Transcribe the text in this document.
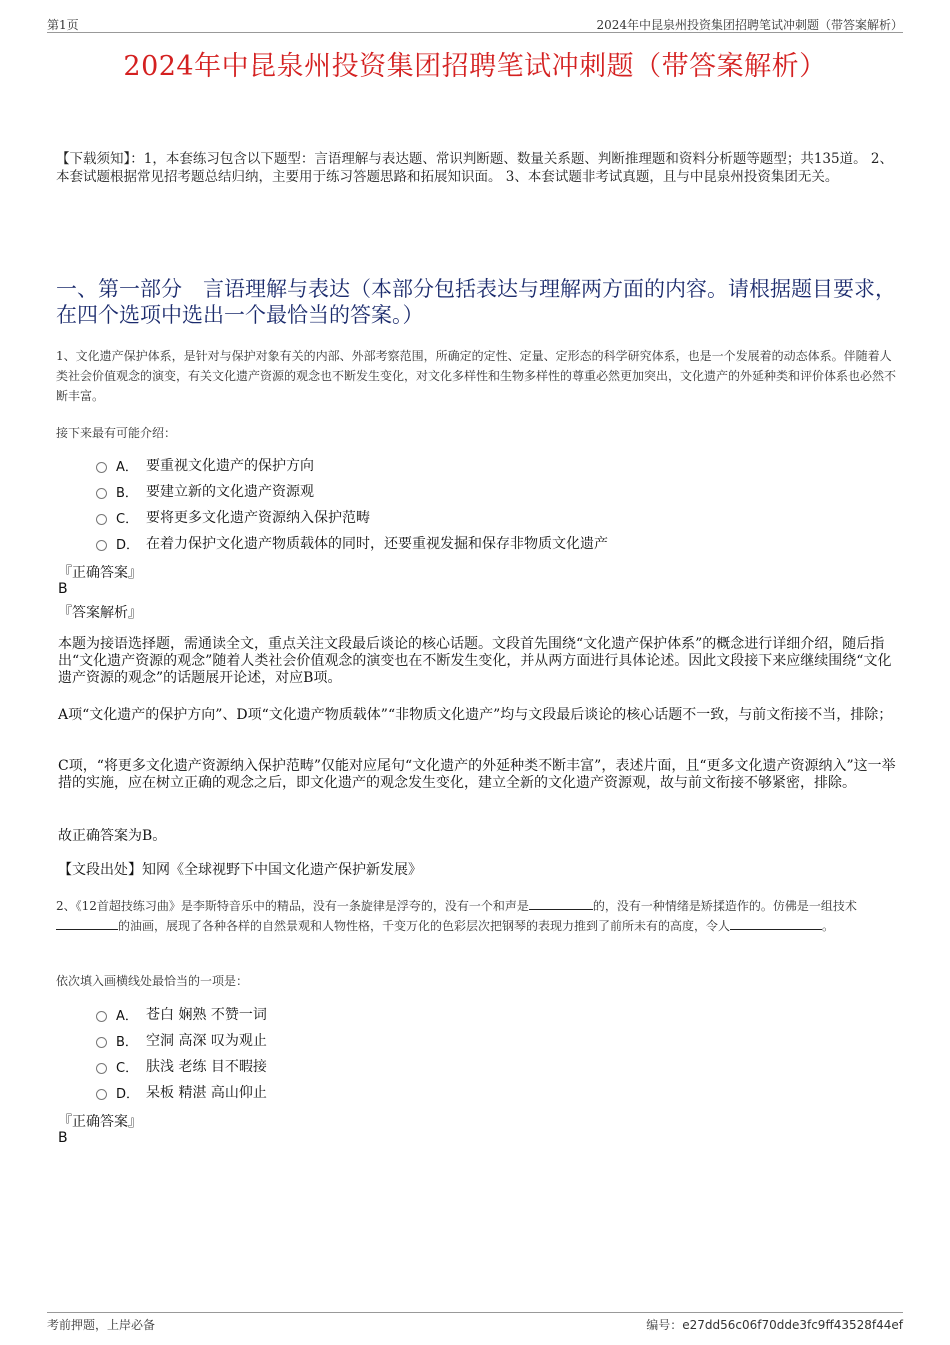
第1页	2024年中昆泉州投资集团招聘笔试冲刺题（带答案解析）
2024年中昆泉州投资集团招聘笔试冲刺题（带答案解析）
【下载须知】：1，本套练习包含以下题型：言语理解与表达题、常识判断题、数量关系题、判断推理题和资料分析题等题型；共135道。 2、本套试题根据常见招考题总结归纳，主要用于练习答题思路和拓展知识面。 3、本套试题非考试真题，且与中昆泉州投资集团无关。
一、第一部分　言语理解与表达（本部分包括表达与理解两方面的内容。请根据题目要求，在四个选项中选出一个最恰当的答案。）
1、文化遗产保护体系，是针对与保护对象有关的内部、外部考察范围，所确定的定性、定量、定形态的科学研究体系，也是一个发展着的动态体系。伴随着人类社会价值观念的演变，有关文化遗产资源的观念也不断发生变化，对文化多样性和生物多样性的尊重必然更加突出，文化遗产的外延种类和评价体系也必然不断丰富。
接下来最有可能介绍：
A． 要重视文化遗产的保护方向
B． 要建立新的文化遗产资源观
C． 要将更多文化遗产资源纳入保护范畴
D． 在着力保护文化遗产物质载体的同时，还要重视发掘和保存非物质文化遗产
『正确答案』
B
『答案解析』
本题为接语选择题，需通读全文，重点关注文段最后谈论的核心话题。文段首先围绕“文化遗产保护体系”的概念进行详细介绍，随后指出“文化遗产资源的观念”随着人类社会价值观念的演变也在不断发生变化，并从两方面进行具体论述。因此文段接下来应继续围绕“文化遗产资源的观念”的话题展开论述，对应B项。
A项“文化遗产的保护方向”、D项“文化遗产物质载体”“非物质文化遗产”均与文段最后谈论的核心话题不一致，与前文衔接不当，排除；
C项，“将更多文化遗产资源纳入保护范畴”仅能对应尾句“文化遗产的外延种类不断丰富”，表述片面，且“更多文化遗产资源纳入”这一举措的实施，应在树立正确的观念之后，即文化遗产的观念发生变化，建立全新的文化遗产资源观，故与前文衔接不够紧密，排除。
故正确答案为B。
【文段出处】知网《全球视野下中国文化遗产保护新发展》
2、《12首超技练习曲》是李斯特音乐中的精品，没有一条旋律是浮夸的，没有一个和声是	的，没有一种情绪是矫揉造作的。仿佛是一组技术的油画，展现了各种各样的自然景观和人物性格，千变万化的色彩层次把钢琴的表现力推到了前所未有的高度，令人	。
依次填入画横线处最恰当的一项是：
A． 苍白 娴熟 不赞一词
B． 空洞 高深 叹为观止
C． 肤浅 老练 目不暇接
D． 呆板 精湛 高山仰止
『正确答案』
B
考前押题，上岸必备	编号：e27dd56c06f70dde3fc9ff43528f44ef
